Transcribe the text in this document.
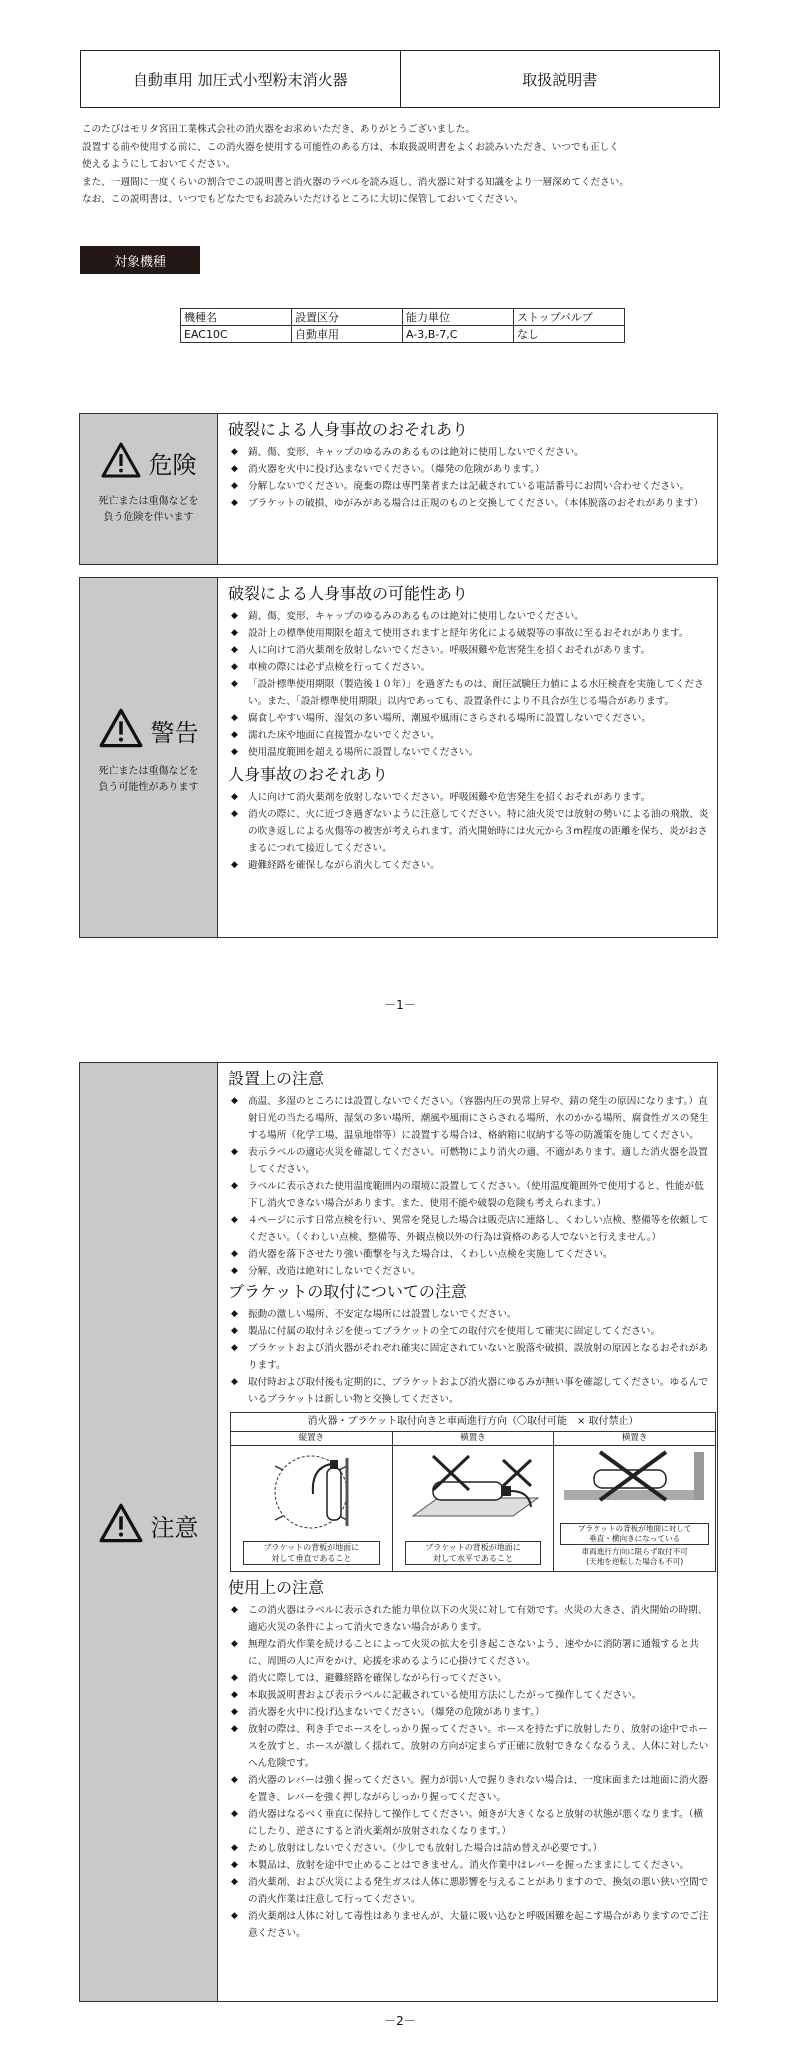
自動車用 加圧式小型粉末消火器	取扱説明書

このたびはモリタ宮田工業株式会社の消火器をお求めいただき、ありがとうございました。

設置する前や使用する前に、この消火器を使用する可能性のある方は、本取扱説明書をよくお読みいただき、いつでも正しく

使えるようにしておいてください。

また、一週間に一度くらいの割合でこの説明書と消火器のラベルを読み返し、消火器に対する知識をより一層深めてください。

なお、この説明書は、いつでもどなたでもお読みいただけるところに大切に保管しておいてください。

対象機種
機種名	設置区分	能力単位	ストップバルブ
EAC10C	自動車用	A-3,B-7,C	なし
危険
死亡または重傷などを
負う危険を伴います
破裂による人身事故のおそれあり
◆ 錆、傷、変形、キャップのゆるみのあるものは絶対に使用しないでください。
◆ 消火器を火中に投げ込まないでください。（爆発の危険があります。）
◆ 分解しないでください。廃棄の際は専門業者または記載されている電話番号にお問い合わせください。
◆ ブラケットの破損、ゆがみがある場合は正規のものと交換してください。（本体脱落のおそれがあります）
警告
死亡または重傷などを
負う可能性があります
破裂による人身事故の可能性あり
◆ 錆、傷、変形、キャップのゆるみのあるものは絶対に使用しないでください。
◆ 設計上の標準使用期限を超えて使用されますと経年劣化による破裂等の事故に至るおそれがあります。
◆ 人に向けて消火薬剤を放射しないでください。呼吸困難や危害発生を招くおそれがあります。
◆ 車検の際には必ず点検を行ってください。
◆ 「設計標準使用期限（製造後１０年）」を過ぎたものは、耐圧試験圧力値による水圧検査を実施してください。また、「設計標準使用期限」以内であっても、設置条件により不具合が生じる場合があります。
◆ 腐食しやすい場所、湿気の多い場所、潮風や風雨にさらされる場所に設置しないでください。
◆ 濡れた床や地面に直接置かないでください。
◆ 使用温度範囲を超える場所に設置しないでください。
人身事故のおそれあり
◆ 人に向けて消火薬剤を放射しないでください。呼吸困難や危害発生を招くおそれがあります。
◆ 消火の際に、火に近づき過ぎないように注意してください。特に油火災では放射の勢いによる油の飛散、炎の吹き返しによる火傷等の被害が考えられます。消火開始時には火元から３m程度の距離を保ち、炎がおさまるにつれて接近してください。
◆ 避難経路を確保しながら消火してください。
－1－
注意
設置上の注意
◆ 高温、多湿のところには設置しないでください。（容器内圧の異常上昇や、錆の発生の原因になります。）直射日光の当たる場所、湿気の多い場所、潮風や風雨にさらされる場所、水のかかる場所、腐食性ガスの発生する場所（化学工場、温泉地帯等）に設置する場合は、格納箱に収納する等の防護策を施してください。
◆ 表示ラベルの適応火災を確認してください。可燃物により消火の適、不適があります。適した消火器を設置してください。
◆ ラベルに表示された使用温度範囲内の環境に設置してください。（使用温度範囲外で使用すると、性能が低下し消火できない場合があります。また、使用不能や破裂の危険も考えられます。）
◆ ４ページに示す日常点検を行い、異常を発見した場合は販売店に連絡し、くわしい点検、整備等を依頼してください。（くわしい点検、整備等、外観点検以外の行為は資格のある人でないと行えません。）
◆ 消火器を落下させたり強い衝撃を与えた場合は、くわしい点検を実施してください。
◆ 分解、改造は絶対にしないでください。
ブラケットの取付についての注意
◆ 振動の激しい場所、不安定な場所には設置しないでください。
◆ 製品に付属の取付ネジを使ってブラケットの全ての取付穴を使用して確実に固定してください。
◆ ブラケットおよび消火器がそれぞれ確実に固定されていないと脱落や破損、誤放射の原因となるおそれがあります。
◆ 取付時および取付後も定期的に、ブラケットおよび消火器にゆるみが無い事を確認してください。ゆるんでいるブラケットは新しい物と交換してください。
消火器・ブラケット取付向きと車両進行方向（〇取付可能　× 取付禁止）
縦置き
ブラケットの背板が地面に
対して垂直であること
横置き
ブラケットの背板が地面に
対して水平であること
横置き
ブラケットの背板が地面に対して
垂直・横向きになっている
車両進行方向に限らず取付不可
(天地を逆転した場合も不可)
使用上の注意
◆ この消火器はラベルに表示された能力単位以下の火災に対して有効です。火災の大きさ、消火開始の時期、適応火災の条件によって消火できない場合があります。
◆ 無理な消火作業を続けることによって火災の拡大を引き起こさないよう、速やかに消防署に通報すると共に、周囲の人に声をかけ、応援を求めるように心掛けてください。
◆ 消火に際しては、避難経路を確保しながら行ってください。
◆ 本取扱説明書および表示ラベルに記載されている使用方法にしたがって操作してください。
◆ 消火器を火中に投げ込まないでください。（爆発の危険があります。）
◆ 放射の際は、利き手でホースをしっかり握ってください。ホースを持たずに放射したり、放射の途中でホースを放すと、ホースが激しく揺れて、放射の方向が定まらず正確に放射できなくなるうえ、人体に対したいへん危険です。
◆ 消火器のレバーは強く握ってください。握力が弱い人で握りきれない場合は、一度床面または地面に消火器を置き、レバーを強く押しながらしっかり握ってください。
◆ 消火器はなるべく垂直に保持して操作してください。傾きが大きくなると放射の状態が悪くなります。（横にしたり、逆さにすると消火薬剤が放射されなくなります。）
◆ ためし放射はしないでください。（少しでも放射した場合は詰め替えが必要です。）
◆ 本製品は、放射を途中で止めることはできません。消火作業中はレバーを握ったままにしてください。
◆ 消火薬剤、および火災による発生ガスは人体に悪影響を与えることがありますので、換気の悪い狭い空間での消火作業は注意して行ってください。
◆ 消火薬剤は人体に対して毒性はありませんが、大量に吸い込むと呼吸困難を起こす場合がありますのでご注意ください。
－2－
